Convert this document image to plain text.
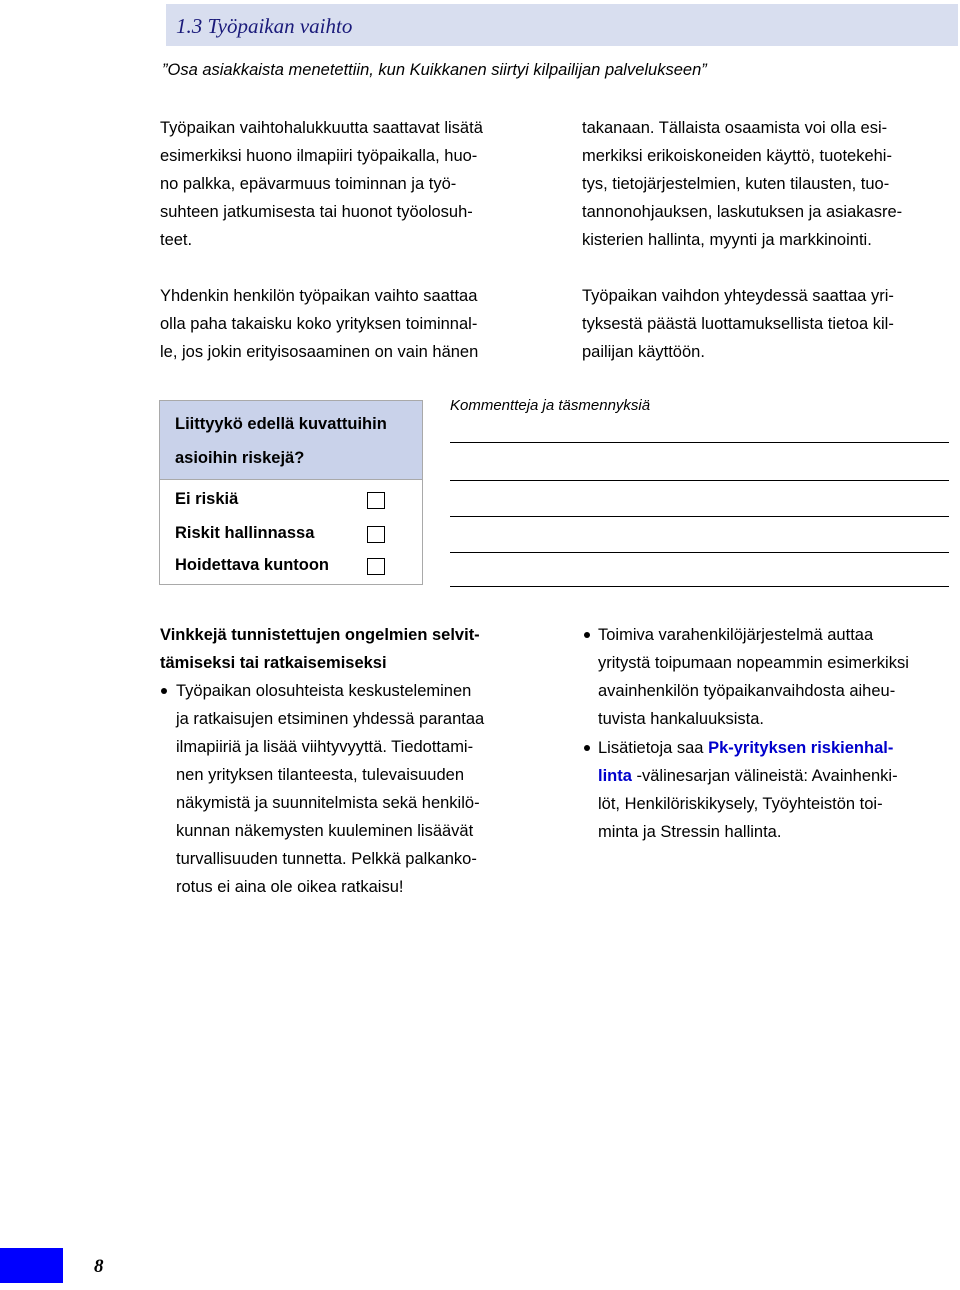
1.3 Työpaikan vaihto
”Osa asiakkaista menetettiin, kun Kuikkanen siirtyi kilpailijan palvelukseen”
Työpaikan vaihtohalukkuutta saattavat lisätä
esimerkiksi huono ilmapiiri työpaikalla, huo-
no palkka, epävarmuus toiminnan ja työ-
suhteen jatkumisesta tai huonot työolosuh-
teet.
Yhdenkin henkilön työpaikan vaihto saattaa
olla paha takaisku koko yrityksen toiminnal-
le, jos jokin erityisosaaminen on vain hänen
takanaan. Tällaista osaamista voi olla esi-
merkiksi erikoiskoneiden käyttö, tuotekehi-
tys, tietojärjestelmien, kuten tilausten, tuo-
tannonohjauksen, laskutuksen ja asiakasre-
kisterien hallinta, myynti ja markkinointi.
Työpaikan vaihdon yhteydessä saattaa yri-
tyksestä päästä luottamuksellista tietoa kil-
pailijan käyttöön.
Liittyykö edellä kuvattuihin
asioihin riskejä?
Ei riskiä
Riskit hallinnassa
Hoidettava kuntoon
Kommentteja ja täsmennyksiä
Vinkkejä tunnistettujen ongelmien selvit-
tämiseksi tai ratkaisemiseksi
Työpaikan olosuhteista keskusteleminen
ja ratkaisujen etsiminen yhdessä parantaa
ilmapiiriä ja lisää viihtyvyyttä. Tiedottami-
nen yrityksen tilanteesta, tulevaisuuden
näkymistä ja suunnitelmista sekä henkilö-
kunnan näkemysten kuuleminen lisäävät
turvallisuuden tunnetta. Pelkkä palkanko-
rotus ei aina ole oikea ratkaisu!
Toimiva varahenkilöjärjestelmä auttaa
yritystä toipumaan nopeammin esimerkiksi
avainhenkilön työpaikanvaihdosta aiheu-
tuvista hankaluuksista.
Lisätietoja saa Pk-yrityksen riskienhal-
linta -välinesarjan välineistä: Avainhenki-
löt, Henkilöriskikysely, Työyhteistön toi-
minta ja Stressin hallinta.
8
